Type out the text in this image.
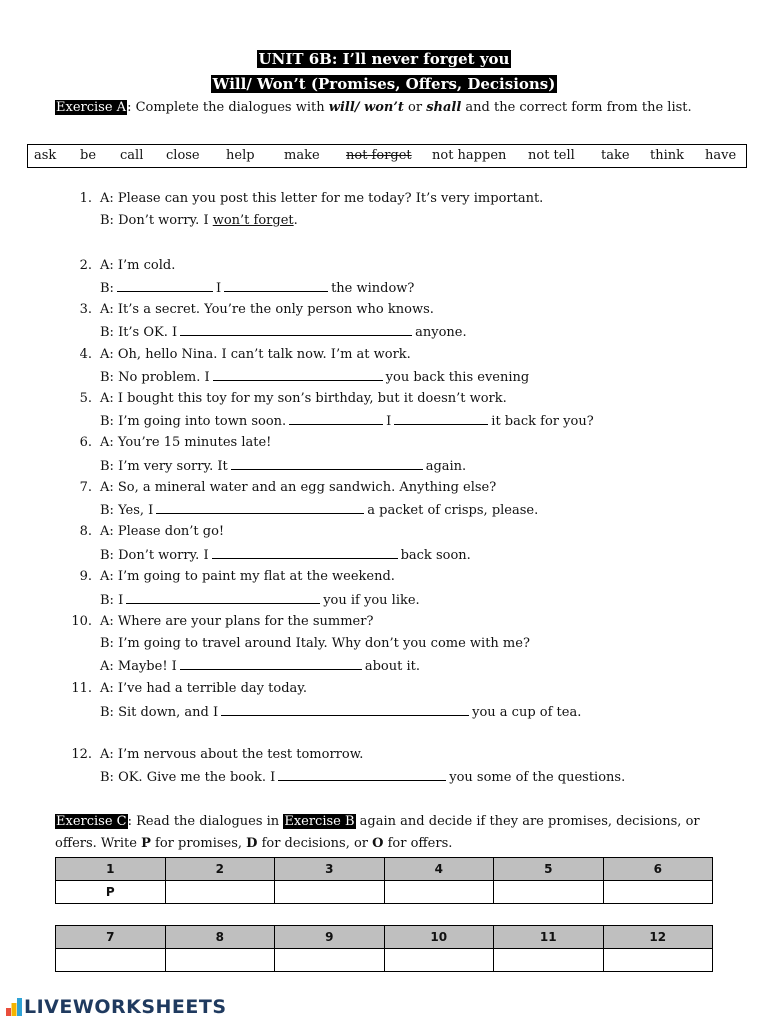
UNIT 6B: I’ll never forget you
Will/ Won’t (Promises, Offers, Decisions)
Exercise A: Complete the dialogues with will/ won’t or shall and the correct form from the list.
ask be call close help make not forget not happen not tell take think have
1. A: Please can you post this letter for me today? It’s very important.
B: Don’t worry. I won’t forget.
2. A: I’m cold.
B:	I	the window?
3. A: It’s a secret. You’re the only person who knows.
B: It’s OK. I	anyone.
4. A: Oh, hello Nina. I can’t talk now. I’m at work.
B: No problem. I	you back this evening
5. A: I bought this toy for my son’s birthday, but it doesn’t work.
B: I’m going into town soon.	I	it back for you?
6. A: You’re 15 minutes late!
B: I’m very sorry. It	again.
7. A: So, a mineral water and an egg sandwich. Anything else?
B: Yes, I	a packet of crisps, please.
8. A: Please don’t go!
B: Don’t worry. I	back soon.
9. A: I’m going to paint my flat at the weekend.
B: I	you if you like.
10. A: Where are your plans for the summer?
B: I’m going to travel around Italy. Why don’t you come with me?
A: Maybe! I	about it.
11. A: I’ve had a terrible day today.
B: Sit down, and I	you a cup of tea.
12. A: I’m nervous about the test tomorrow.
B: OK. Give me the book. I	you some of the questions.
Exercise C: Read the dialogues in Exercise B again and decide if they are promises, decisions, or
offers. Write P for promises, D for decisions, or O for offers.
1	2	3	4	5	6
P					
7	8	9	10	11	12

LIVEWORKSHEETS
